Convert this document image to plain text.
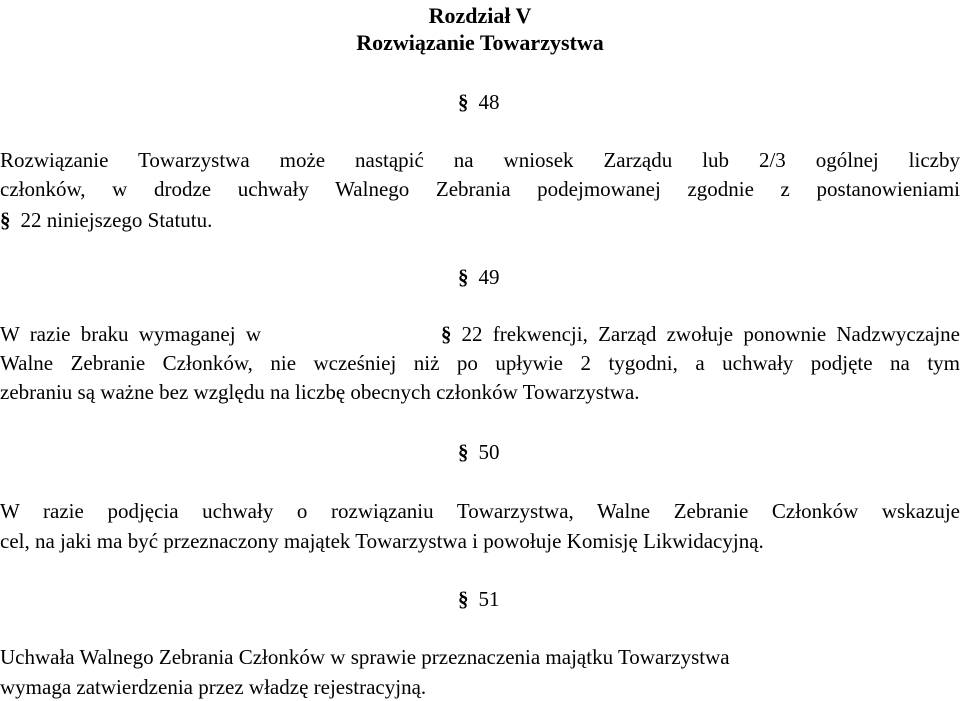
Rozdział V
Rozwiązanie Towarzystwa
§ 48
Rozwiązanie Towarzystwa może nastąpić na wniosek Zarządu lub 2/3 ogólnej liczby
członków, w drodze uchwały Walnego Zebrania podejmowanej zgodnie z postanowieniami
§ 22 niniejszego Statutu.
§ 49
W razie braku wymaganej w	§ 22 frekwencji, Zarząd zwołuje ponownie Nadzwyczajne
Walne Zebranie Członków, nie wcześniej niż po upływie 2 tygodni, a uchwały podjęte na tym
zebraniu są ważne bez względu na liczbę obecnych członków Towarzystwa.
§ 50
W razie podjęcia uchwały o rozwiązaniu Towarzystwa, Walne Zebranie Członków wskazuje
cel, na jaki ma być przeznaczony majątek Towarzystwa i powołuje Komisję Likwidacyjną.
§ 51
Uchwała Walnego Zebrania Członków w sprawie przeznaczenia majątku Towarzystwa
wymaga zatwierdzenia przez władzę rejestracyjną.
